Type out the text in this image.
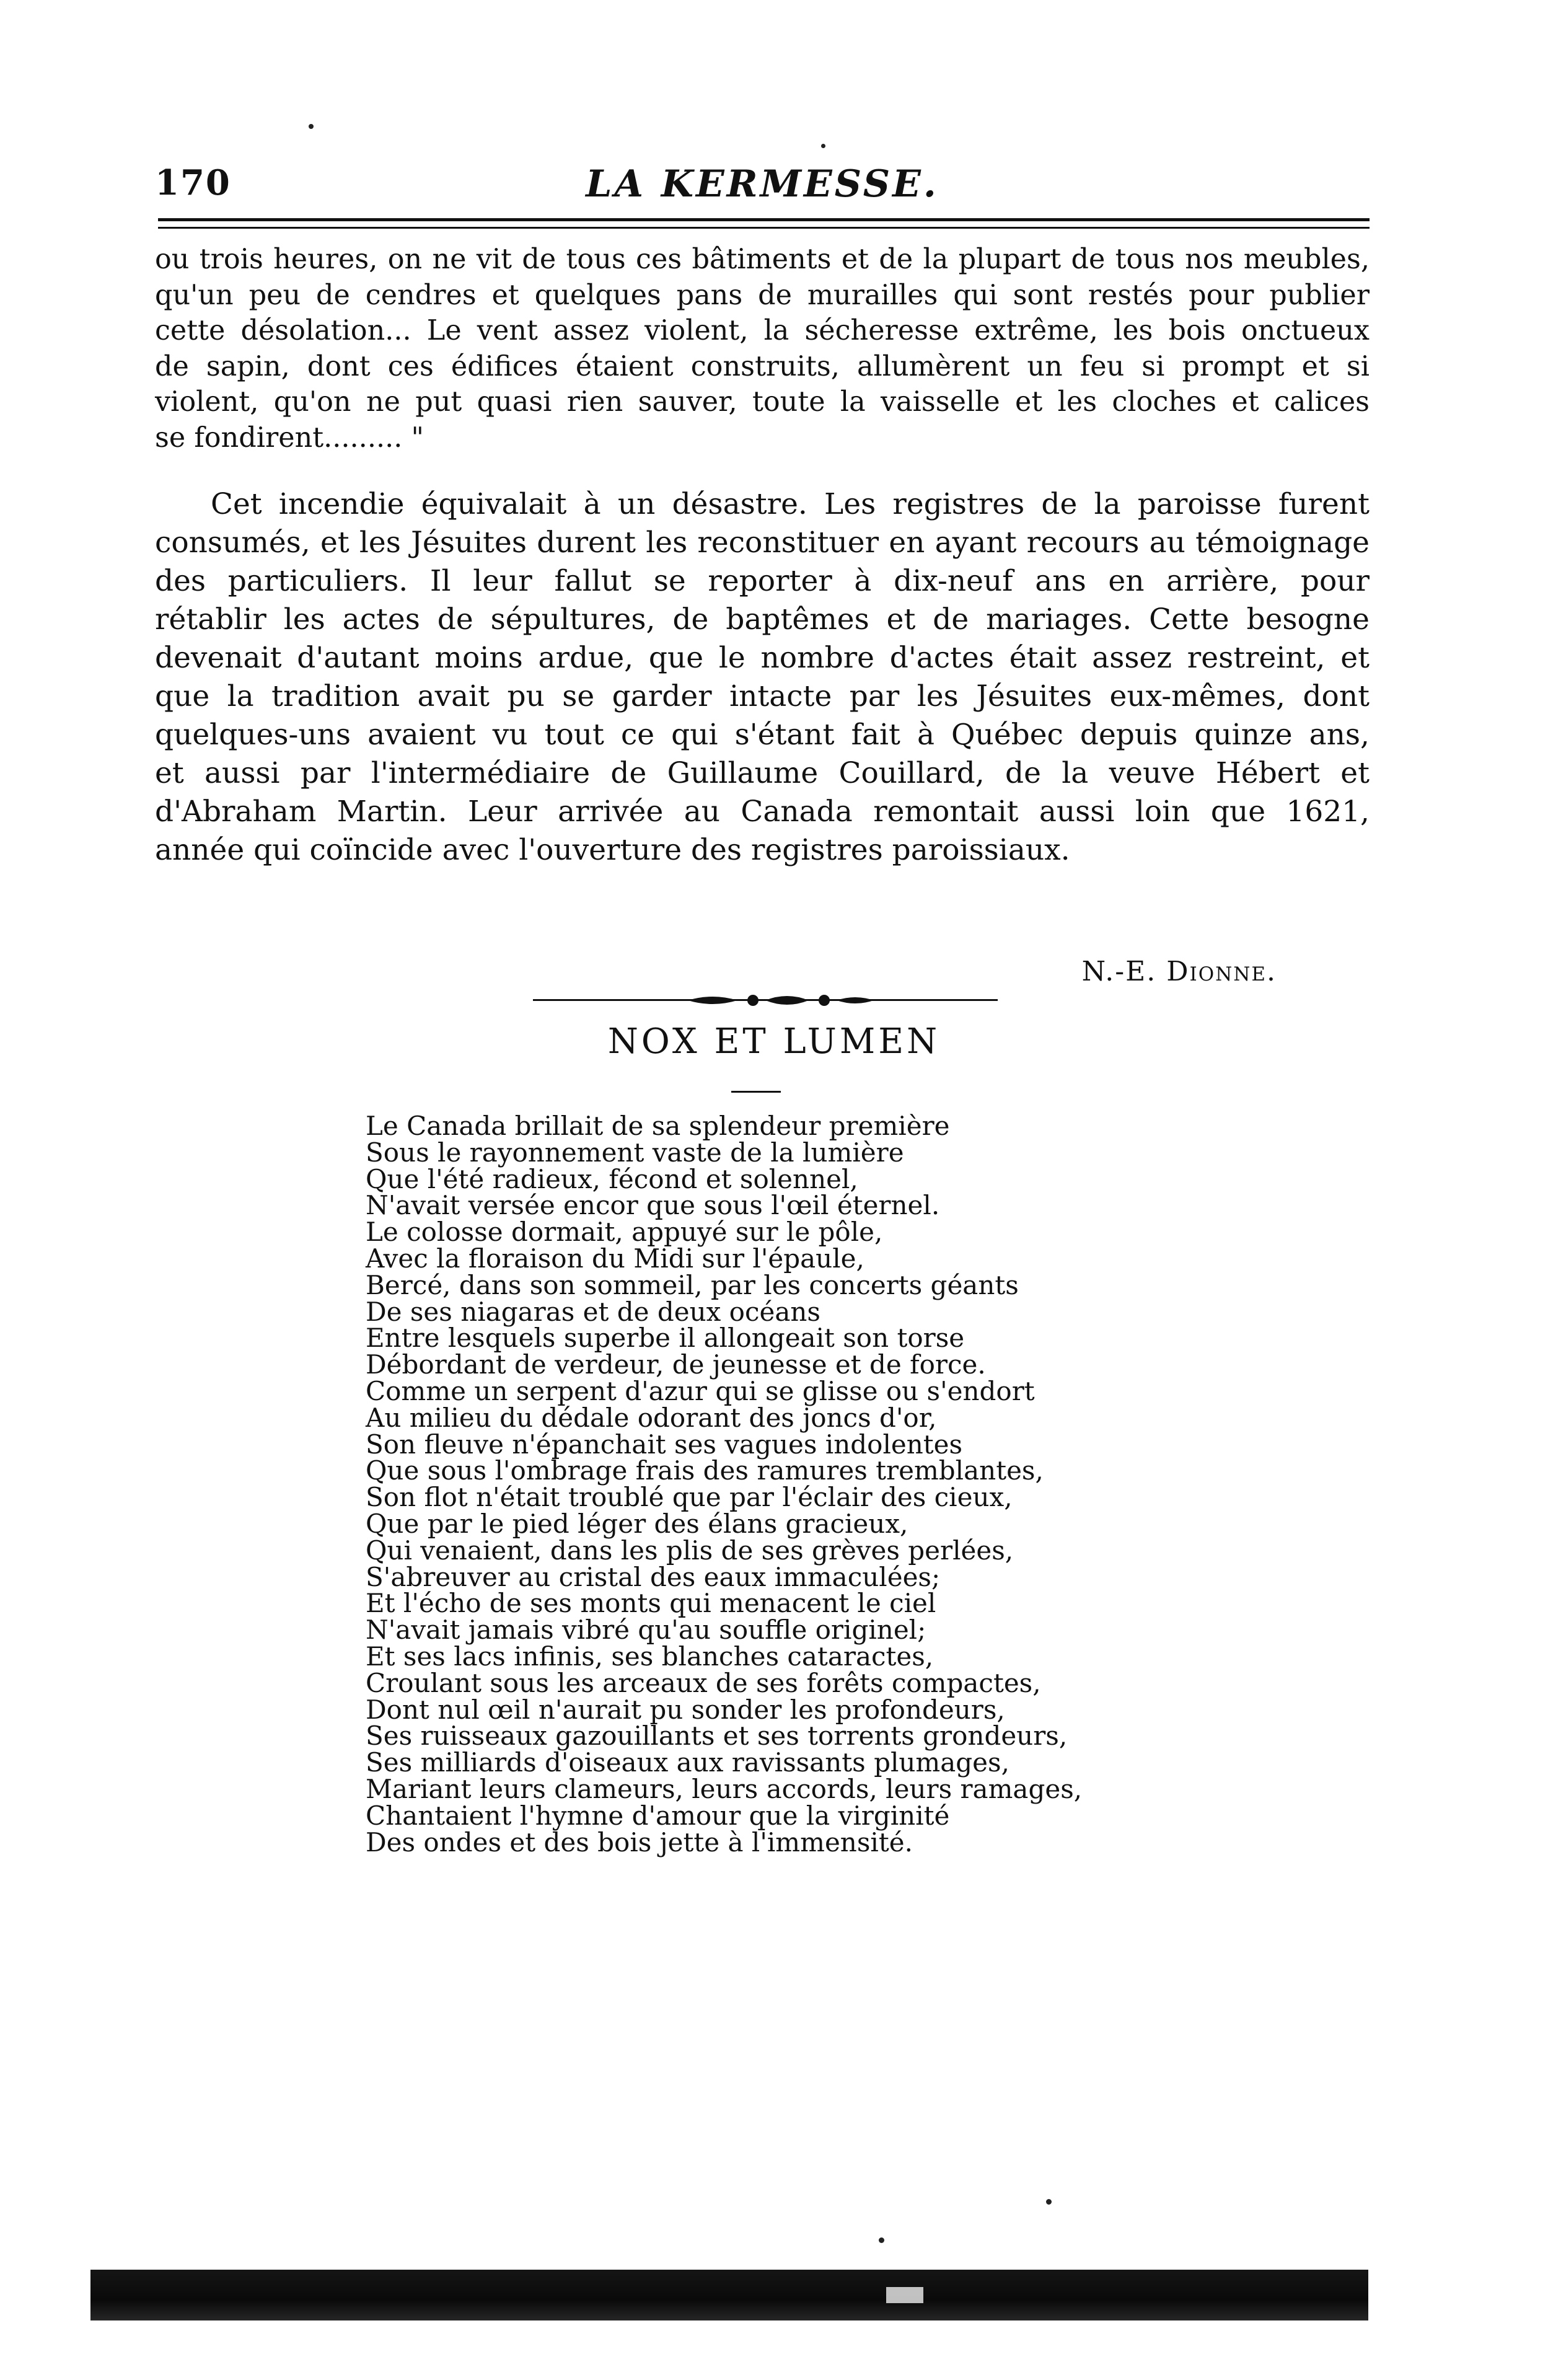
170	LA KERMESSE.
ou trois heures, on ne vit de tous ces bâtiments et de la plupart de tous nos meubles,
qu'un peu de cendres et quelques pans de murailles qui sont restés pour publier
cette désolation... Le vent assez violent, la sécheresse extrême, les bois onctueux
de sapin, dont ces édifices étaient construits, allumèrent un feu si prompt et si
violent, qu'on ne put quasi rien sauver, toute la vaisselle et les cloches et calices
se fondirent......... "
Cet incendie équivalait à un désastre. Les registres de la paroisse furent
consumés, et les Jésuites durent les reconstituer en ayant recours au témoignage
des particuliers. Il leur fallut se reporter à dix-neuf ans en arrière, pour
rétablir les actes de sépultures, de baptêmes et de mariages. Cette besogne
devenait d'autant moins ardue, que le nombre d'actes était assez restreint, et
que la tradition avait pu se garder intacte par les Jésuites eux-mêmes, dont
quelques-uns avaient vu tout ce qui s'étant fait à Québec depuis quinze ans,
et aussi par l'intermédiaire de Guillaume Couillard, de la veuve Hébert et
d'Abraham Martin. Leur arrivée au Canada remontait aussi loin que 1621,
année qui coïncide avec l'ouverture des registres paroissiaux.
N.-E. Dionne.
NOX ET LUMEN
Le Canada brillait de sa splendeur première
Sous le rayonnement vaste de la lumière
Que l'été radieux, fécond et solennel,
N'avait versée encor que sous l'œil éternel.
Le colosse dormait, appuyé sur le pôle,
Avec la floraison du Midi sur l'épaule,
Bercé, dans son sommeil, par les concerts géants
De ses niagaras et de deux océans
Entre lesquels superbe il allongeait son torse
Débordant de verdeur, de jeunesse et de force.
Comme un serpent d'azur qui se glisse ou s'endort
Au milieu du dédale odorant des joncs d'or,
Son fleuve n'épanchait ses vagues indolentes
Que sous l'ombrage frais des ramures tremblantes,
Son flot n'était troublé que par l'éclair des cieux,
Que par le pied léger des élans gracieux,
Qui venaient, dans les plis de ses grèves perlées,
S'abreuver au cristal des eaux immaculées;
Et l'écho de ses monts qui menacent le ciel
N'avait jamais vibré qu'au souffle originel;
Et ses lacs infinis, ses blanches cataractes,
Croulant sous les arceaux de ses forêts compactes,
Dont nul œil n'aurait pu sonder les profondeurs,
Ses ruisseaux gazouillants et ses torrents grondeurs,
Ses milliards d'oiseaux aux ravissants plumages,
Mariant leurs clameurs, leurs accords, leurs ramages,
Chantaient l'hymne d'amour que la virginité
Des ondes et des bois jette à l'immensité.
